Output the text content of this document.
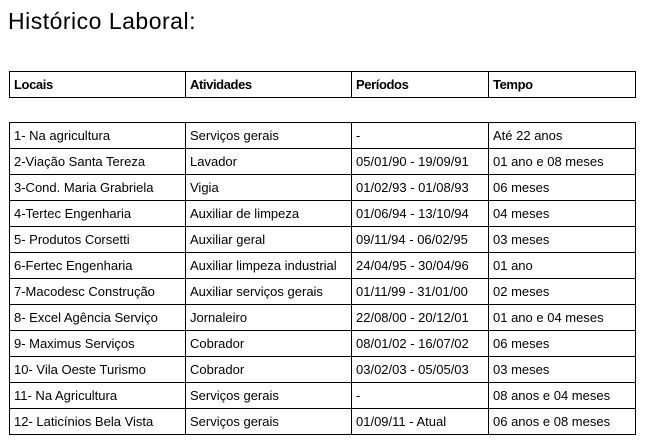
Histórico Laboral:
Locais	Atividades	Períodos	Tempo
1- Na agricultura	Serviços gerais	-	Até 22 anos
2-Viação Santa Tereza	Lavador	05/01/90 - 19/09/91	01 ano e 08 meses
3-Cond. Maria Grabriela	Vigia	01/02/93 - 01/08/93	06 meses
4-Tertec Engenharia	Auxiliar de limpeza	01/06/94 - 13/10/94	04 meses
5- Produtos Corsetti	Auxiliar geral	09/11/94 - 06/02/95	03 meses
6-Fertec Engenharia	Auxiliar limpeza industrial	24/04/95 - 30/04/96	01 ano
7-Macodesc Construção	Auxiliar serviços gerais	01/11/99 - 31/01/00	02 meses
8- Excel Agência Serviço	Jornaleiro	22/08/00 - 20/12/01	01 ano e 04 meses
9- Maximus Serviços	Cobrador	08/01/02 - 16/07/02	06 meses
10- Vila Oeste Turismo	Cobrador	03/02/03 - 05/05/03	03 meses
11- Na Agricultura	Serviços gerais	-	08 anos e 04 meses
12- Laticínios Bela Vista	Serviços gerais	01/09/11 - Atual	06 anos e 08 meses
